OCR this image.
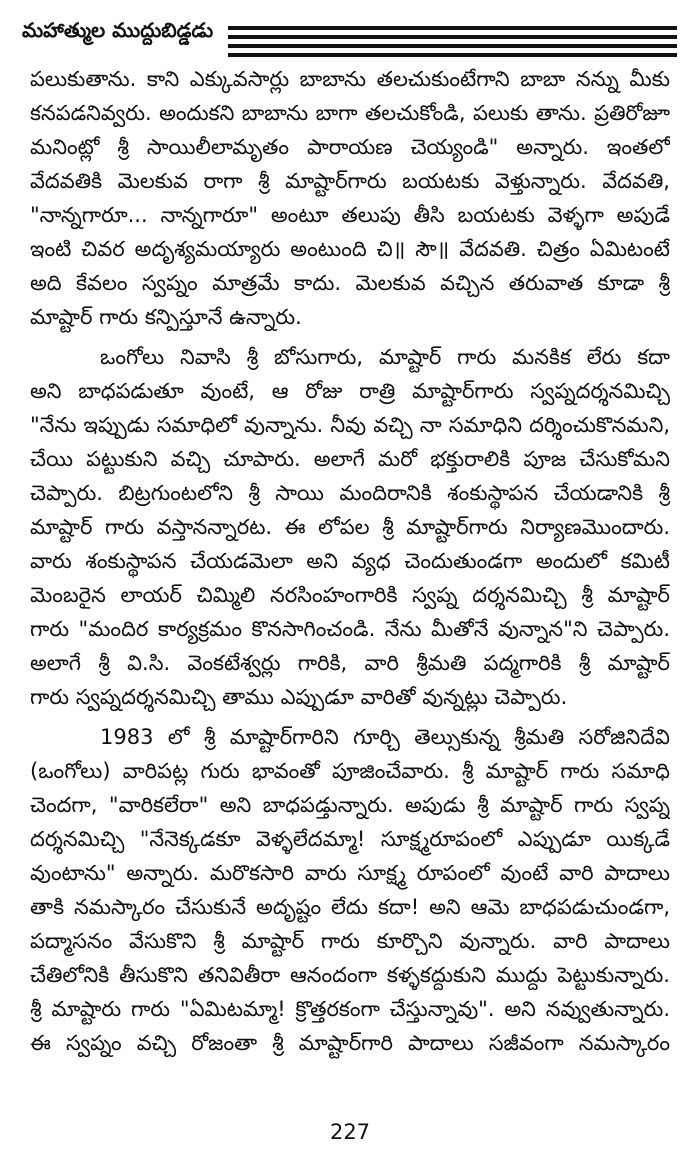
మహాత్ముల ముద్దుబిడ్డడు
పలుకుతాను. కాని ఎక్కువసార్లు బాబాను తలచుకుంటేగాని బాబా నన్ను మీకు
కనపడనివ్వరు. అందుకని బాబాను బాగా తలచుకోండి, పలుకు తాను. ప్రతిరోజూ
మనింట్లో శ్రీ సాయిలీలామృతం పారాయణ చెయ్యండి" అన్నారు. ఇంతలో
వేదవతికి మెలకువ రాగా శ్రీ మాష్టార్‌గారు బయటకు వెళ్తున్నారు. వేదవతి,
"నాన్నగారూ... నాన్నగారూ" అంటూ తలుపు తీసి బయటకు వెళ్ళగా అపుడే
ఇంటి చివర అదృశ్యమయ్యారు అంటుంది చి॥ సౌ॥ వేదవతి. చిత్రం ఏమిటంటే
అది కేవలం స్వప్నం మాత్రమే కాదు. మెలకువ వచ్చిన తరువాత కూడా శ్రీ
మాష్టార్ గారు కన్పిస్తూనే ఉన్నారు.
ఒంగోలు నివాసి శ్రీ బోసుగారు, మాష్టార్ గారు మనకిక లేరు కదా
అని బాధపడుతూ వుంటే, ఆ రోజు రాత్రి మాష్టార్‌గారు స్వప్నదర్శనమిచ్చి
"నేను ఇప్పుడు సమాధిలో వున్నాను. నీవు వచ్చి నా సమాధిని దర్శించుకొనమని,
చేయి పట్టుకుని వచ్చి చూపారు. అలాగే మరో భక్తురాలికి పూజ చేసుకోమని
చెప్పారు. బిట్రగుంటలోని శ్రీ సాయి మందిరానికి శంకుస్థాపన చేయడానికి శ్రీ
మాష్టార్ గారు వస్తానన్నారట. ఈ లోపల శ్రీ మాష్టార్‌గారు నిర్యాణమొందారు.
వారు శంకుస్థాపన చేయడమెలా అని వ్యధ చెందుతుండగా అందులో కమిటీ
మెంబరైన లాయర్ చిమ్మిలి నరసింహంగారికి స్వప్న దర్శనమిచ్చి శ్రీ మాష్టార్
గారు "మందిర కార్యక్రమం కొనసాగించండి. నేను మీతోనే వున్నాన"ని చెప్పారు.
అలాగే శ్రీ వి.సి. వెంకటేశ్వర్లు గారికి, వారి శ్రీమతి పద్మగారికి శ్రీ మాష్టార్
గారు స్వప్నదర్శనమిచ్చి తాము ఎప్పుడూ వారితో వున్నట్లు చెప్పారు.
1983 లో శ్రీ మాష్టార్‌గారిని గూర్చి తెల్సుకున్న శ్రీమతి సరోజినిదేవి
(ఒంగోలు) వారిపట్ల గురు భావంతో పూజించేవారు. శ్రీ మాష్టార్ గారు సమాధి
చెందగా, "వారికలేరా" అని బాధపడ్తున్నారు. అపుడు శ్రీ మాష్టార్ గారు స్వప్న
దర్శనమిచ్చి "నేనెక్కడకూ వెళ్ళలేదమ్మా! సూక్ష్మరూపంలో ఎప్పుడూ యిక్కడే
వుంటాను" అన్నారు. మరొకసారి వారు సూక్ష్మ రూపంలో వుంటే వారి పాదాలు
తాకి నమస్కారం చేసుకునే అదృష్టం లేదు కదా! అని ఆమె బాధపడుచుండగా,
పద్మాసనం వేసుకొని శ్రీ మాష్టార్ గారు కూర్చొని వున్నారు. వారి పాదాలు
చేతిలోనికి తీసుకొని తనివితీరా ఆనందంగా కళ్ళకద్దుకుని ముద్దు పెట్టుకున్నారు.
శ్రీ మాష్టారు గారు "ఏమిటమ్మా! క్రొత్తరకంగా చేస్తున్నావు". అని నవ్వుతున్నారు.
ఈ స్వప్నం వచ్చి రోజంతా శ్రీ మాష్టార్‌గారి పాదాలు సజీవంగా నమస్కారం
227
